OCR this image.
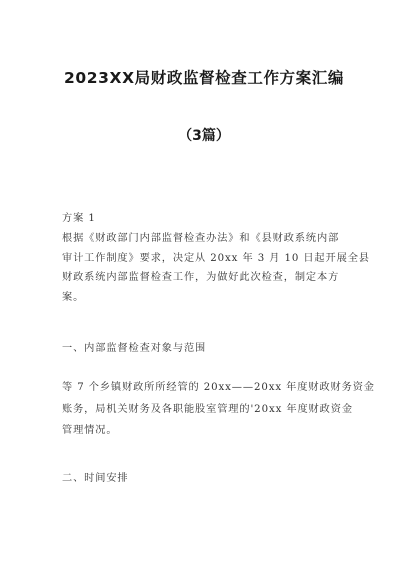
2023XX局财政监督检查工作方案汇编
（3篇）
方案 1
根据《财政部门内部监督检查办法》和《县财政系统内部
审计工作制度》要求，决定从 20xx 年 3 月 10 日起开展全县
财政系统内部监督检查工作，为做好此次检查，制定本方
案。
一、内部监督检查对象与范围
等 7 个乡镇财政所所经管的 20xx——20xx 年度财政财务资金
账务，局机关财务及各职能股室管理的'20xx 年度财政资金
管理情况。
二、时间安排
